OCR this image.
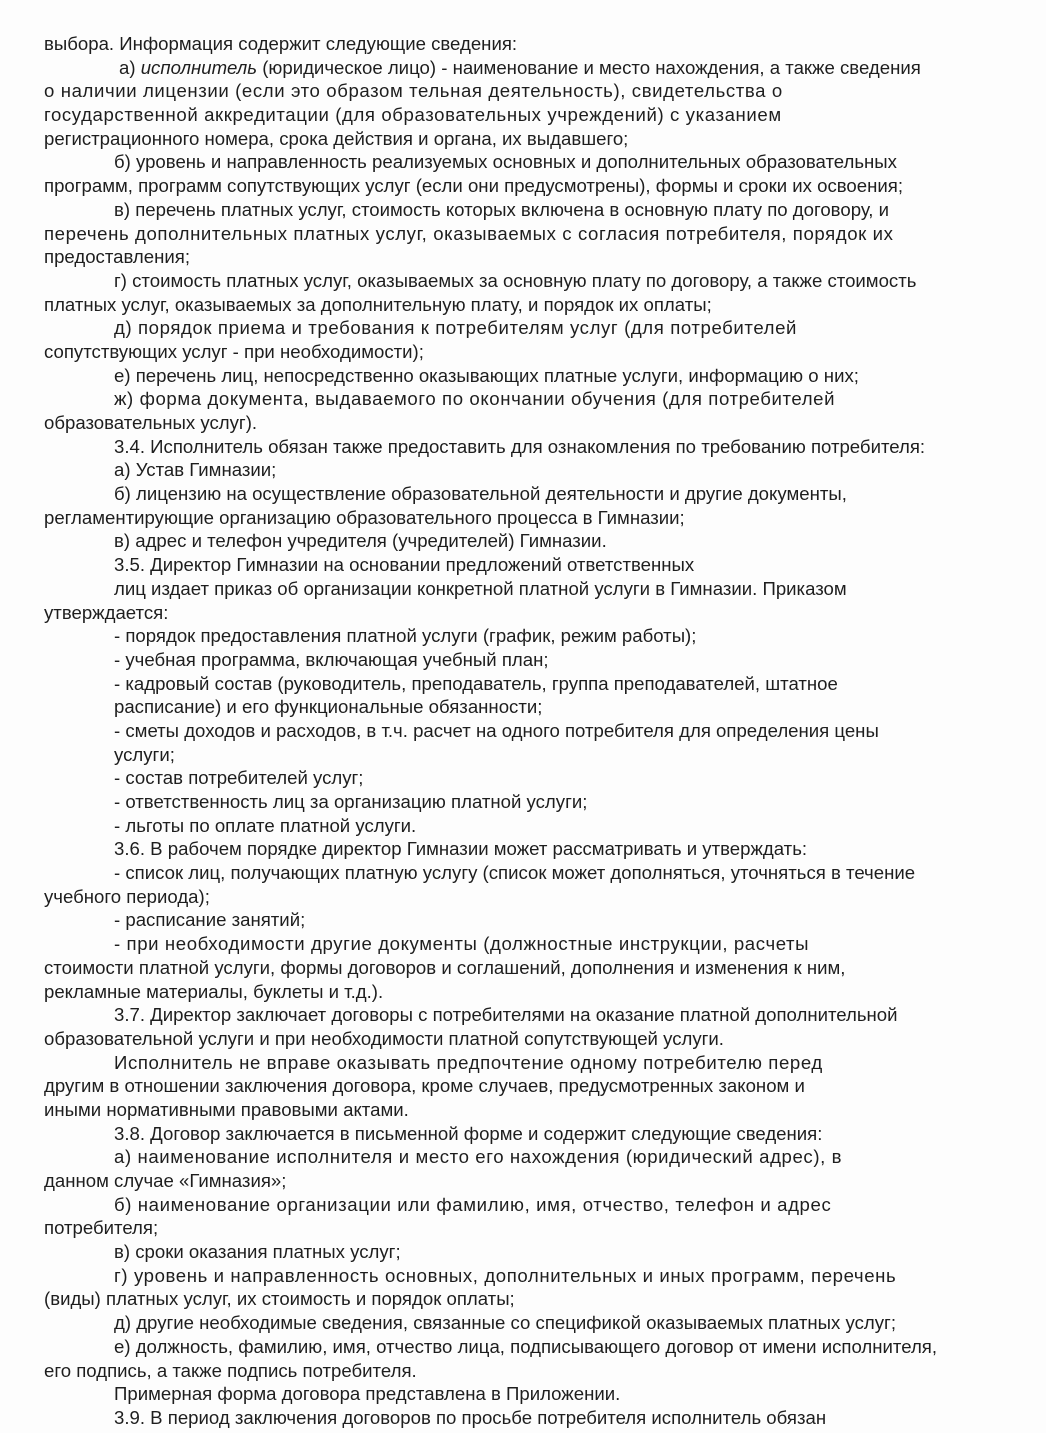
выбора. Информация содержит следующие сведения:
а) исполнитель (юридическое лицо) - наименование и место нахождения, а также сведения
о наличии лицензии (если это образом тельная деятельность), свидетельства о
государственной аккредитации (для образовательных учреждений) с указанием
регистрационного номера, срока действия и органа, их выдавшего;
б) уровень и направленность реализуемых основных и дополнительных образовательных
программ, программ сопутствующих услуг (если они предусмотрены), формы и сроки их освоения;
в) перечень платных услуг, стоимость которых включена в основную плату по договору, и
перечень дополнительных платных услуг, оказываемых с согласия потребителя, порядок их
предоставления;
г) стоимость платных услуг, оказываемых за основную плату по договору, а также стоимость
платных услуг, оказываемых за дополнительную плату, и порядок их оплаты;
д) порядок приема и требования к потребителям услуг (для потребителей
сопутствующих услуг - при необходимости);
е) перечень лиц, непосредственно оказывающих платные услуги, информацию о них;
ж) форма документа, выдаваемого по окончании обучения (для потребителей
образовательных услуг).
3.4. Исполнитель обязан также предоставить для ознакомления по требованию потребителя:
а) Устав Гимназии;
б) лицензию на осуществление образовательной деятельности и другие документы,
регламентирующие организацию образовательного процесса в Гимназии;
в) адрес и телефон учредителя (учредителей) Гимназии.
3.5. Директор Гимназии на основании предложений ответственных
лиц издает приказ об организации конкретной платной услуги в Гимназии. Приказом
утверждается:
- порядок предоставления платной услуги (график, режим работы);
- учебная программа, включающая учебный план;
- кадровый состав (руководитель, преподаватель, группа преподавателей, штатное
расписание) и его функциональные обязанности;
- сметы доходов и расходов, в т.ч. расчет на одного потребителя для определения цены
услуги;
- состав потребителей услуг;
- ответственность лиц за организацию платной услуги;
- льготы по оплате платной услуги.
3.6. В рабочем порядке директор Гимназии может рассматривать и утверждать:
- список лиц, получающих платную услугу (список может дополняться, уточняться в течение
учебного периода);
- расписание занятий;
- при необходимости другие документы (должностные инструкции, расчеты
стоимости платной услуги, формы договоров и соглашений, дополнения и изменения к ним,
рекламные материалы, буклеты и т.д.).
3.7. Директор заключает договоры с потребителями на оказание платной дополнительной
образовательной услуги и при необходимости платной сопутствующей услуги.
Исполнитель не вправе оказывать предпочтение одному потребителю перед
другим в отношении заключения договора, кроме случаев, предусмотренных законом и
иными нормативными правовыми актами.
3.8. Договор заключается в письменной форме и содержит следующие сведения:
а) наименование исполнителя и место его нахождения (юридический адрес), в
данном случае «Гимназия»;
б) наименование организации или фамилию, имя, отчество, телефон и адрес
потребителя;
в) сроки оказания платных услуг;
г) уровень и направленность основных, дополнительных и иных программ, перечень
(виды) платных услуг, их стоимость и порядок оплаты;
д) другие необходимые сведения, связанные со спецификой оказываемых платных услуг;
е) должность, фамилию, имя, отчество лица, подписывающего договор от имени исполнителя,
его подпись, а также подпись потребителя.
Примерная форма договора представлена в Приложении.
3.9. В период заключения договоров по просьбе потребителя исполнитель обязан
